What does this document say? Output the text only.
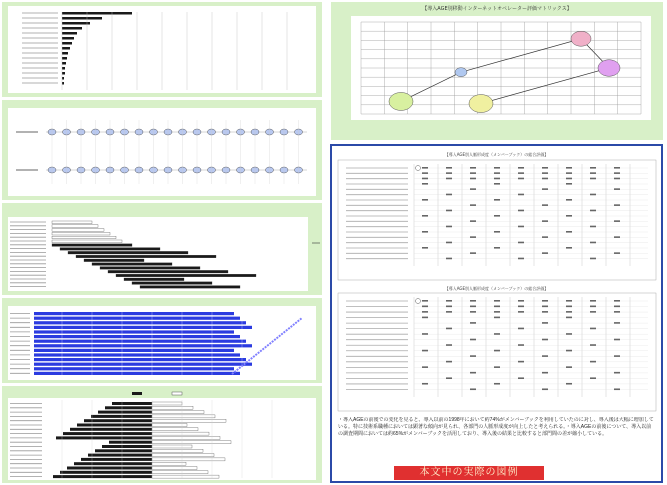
【導入AGE別移動インターネットオペレーター評価マトリックス】
【導入AGE別人脈形成度（メンバーブック）の総合評価】
【導入AGE別人脈形成度（メンバーブック）の総合評価】
・導入AGEの前後での変化を見ると、導入以前の1998年において約74%がメンバーブックを利用していたのに対し、導入後は大幅に増加している。特に技術系職種においては顕著な傾向が見られ、各部門の人脈形成度が向上したと考えられる。・導入AGEの前後について、導入以前の調査期間においては約65%がメンバーブックを活用しており、導入後の結果と比較すると部門間の差が縮小している。
本文中の実際の図例
